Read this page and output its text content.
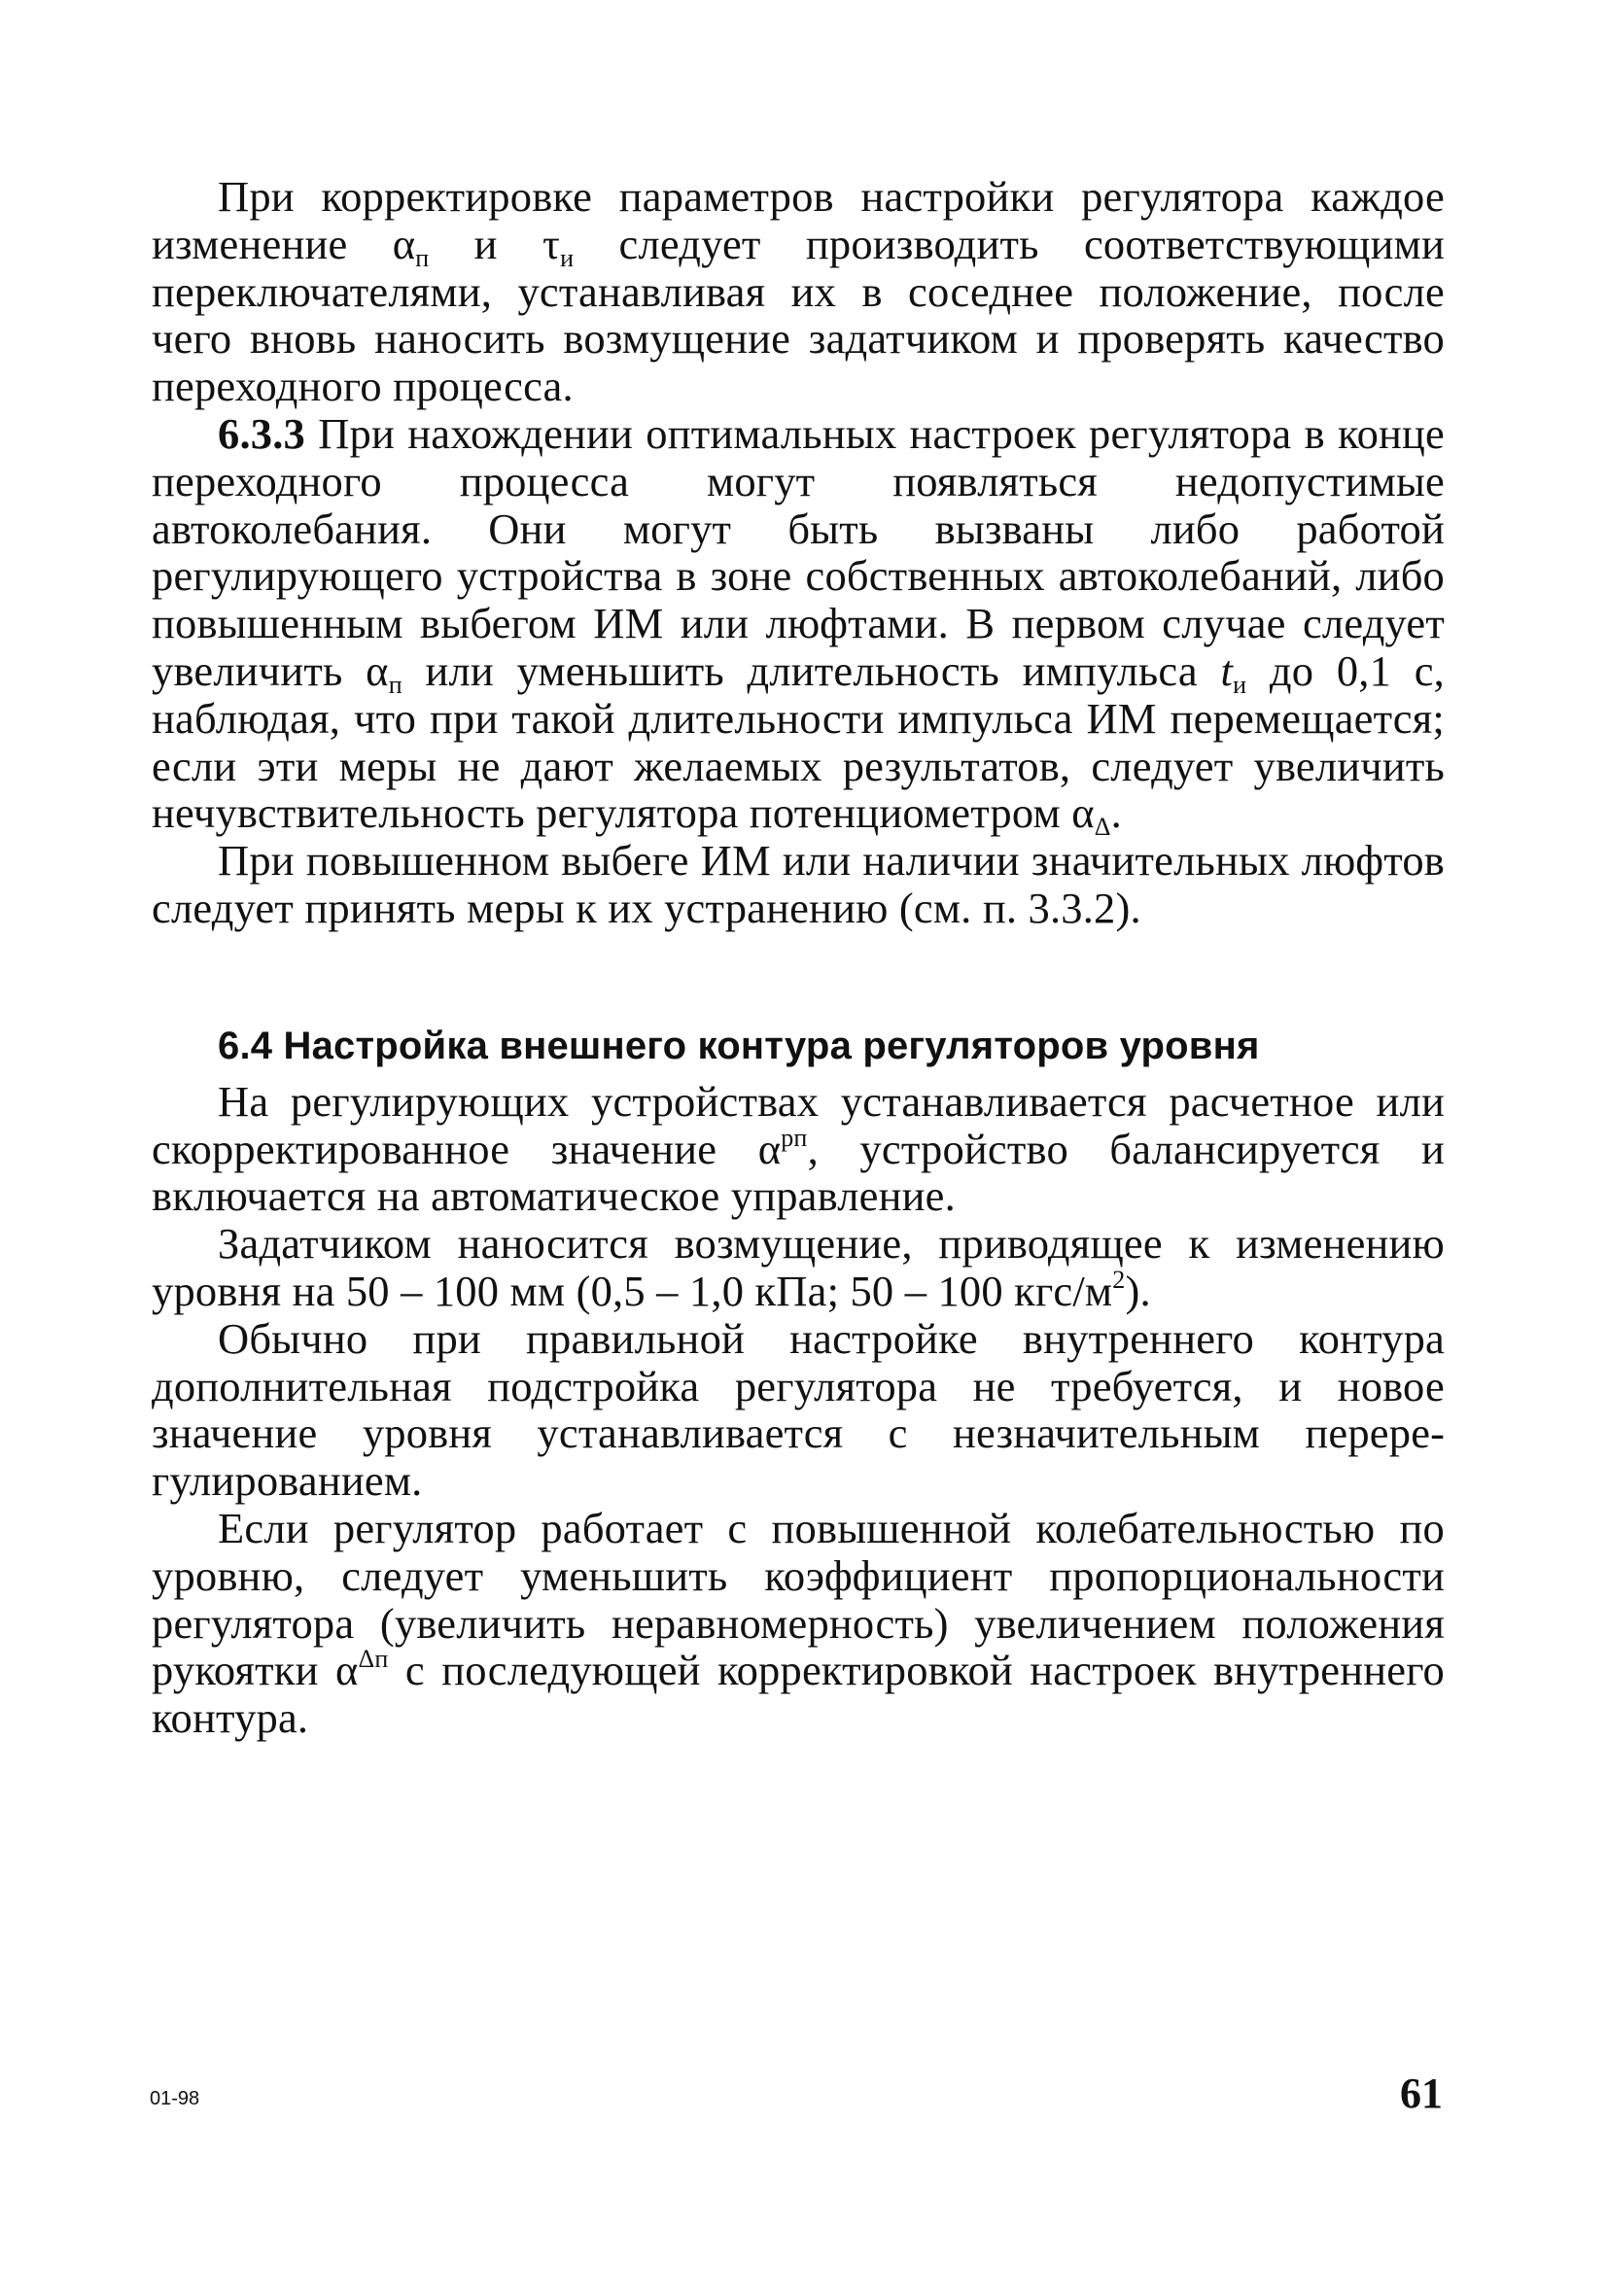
При корректировке параметров настройки регулятора каждое изменение $\alpha_п$ и $\tau_и$ следует производить соответствующими переключателями, устанавливая их в соседнее положение, после чего вновь наносить возмущение задатчиком и проверять качество переходного процесса.

6.3.3 При нахождении оптимальных настроек регулятора в конце переходного процесса могут появляться недопустимые автоколебания. Они могут быть вызваны либо работой регулирующего устройства в зоне собственных автоколебаний, либо повышенным выбегом ИМ или люфтами. В первом случае следует увеличить $\alpha_п$ или уменьшить длительность импульса $t_и$ до 0,1 с, наблюдая, что при такой длительности импульса ИМ перемещается; если эти меры не дают желаемых результатов, следует увеличить нечувствительность регулятора потенциометром $\alpha_\Delta$.

При повышенном выбеге ИМ или наличии значительных люфтов следует принять меры к их устранению (см. п. 3.3.2).

6.4 Настройка внешнего контура регуляторов уровня

На регулирующих устройствах устанавливается расчетное или скорректированное значение $\alpha^{рп}$, устройство балансируется и включается на автоматическое управление.

Задатчиком наносится возмущение, приводящее к изменению уровня на 50 – 100 мм (0,5 – 1,0 кПа; 50 – 100 кгс/$м^2$).

Обычно при правильной настройке внутреннего контура дополнительная подстройка регулятора не требуется, и новое значение уровня устанавливается с незначительным перерегулированием.

Если регулятор работает с повышенной колебательностью по уровню, следует уменьшить коэффициент пропорциональности регулятора (увеличить неравномерность) увеличением положения рукоятки $\alpha^{\Delta п}$ с последующей корректировкой настроек внутреннего контура.

01-98	61
